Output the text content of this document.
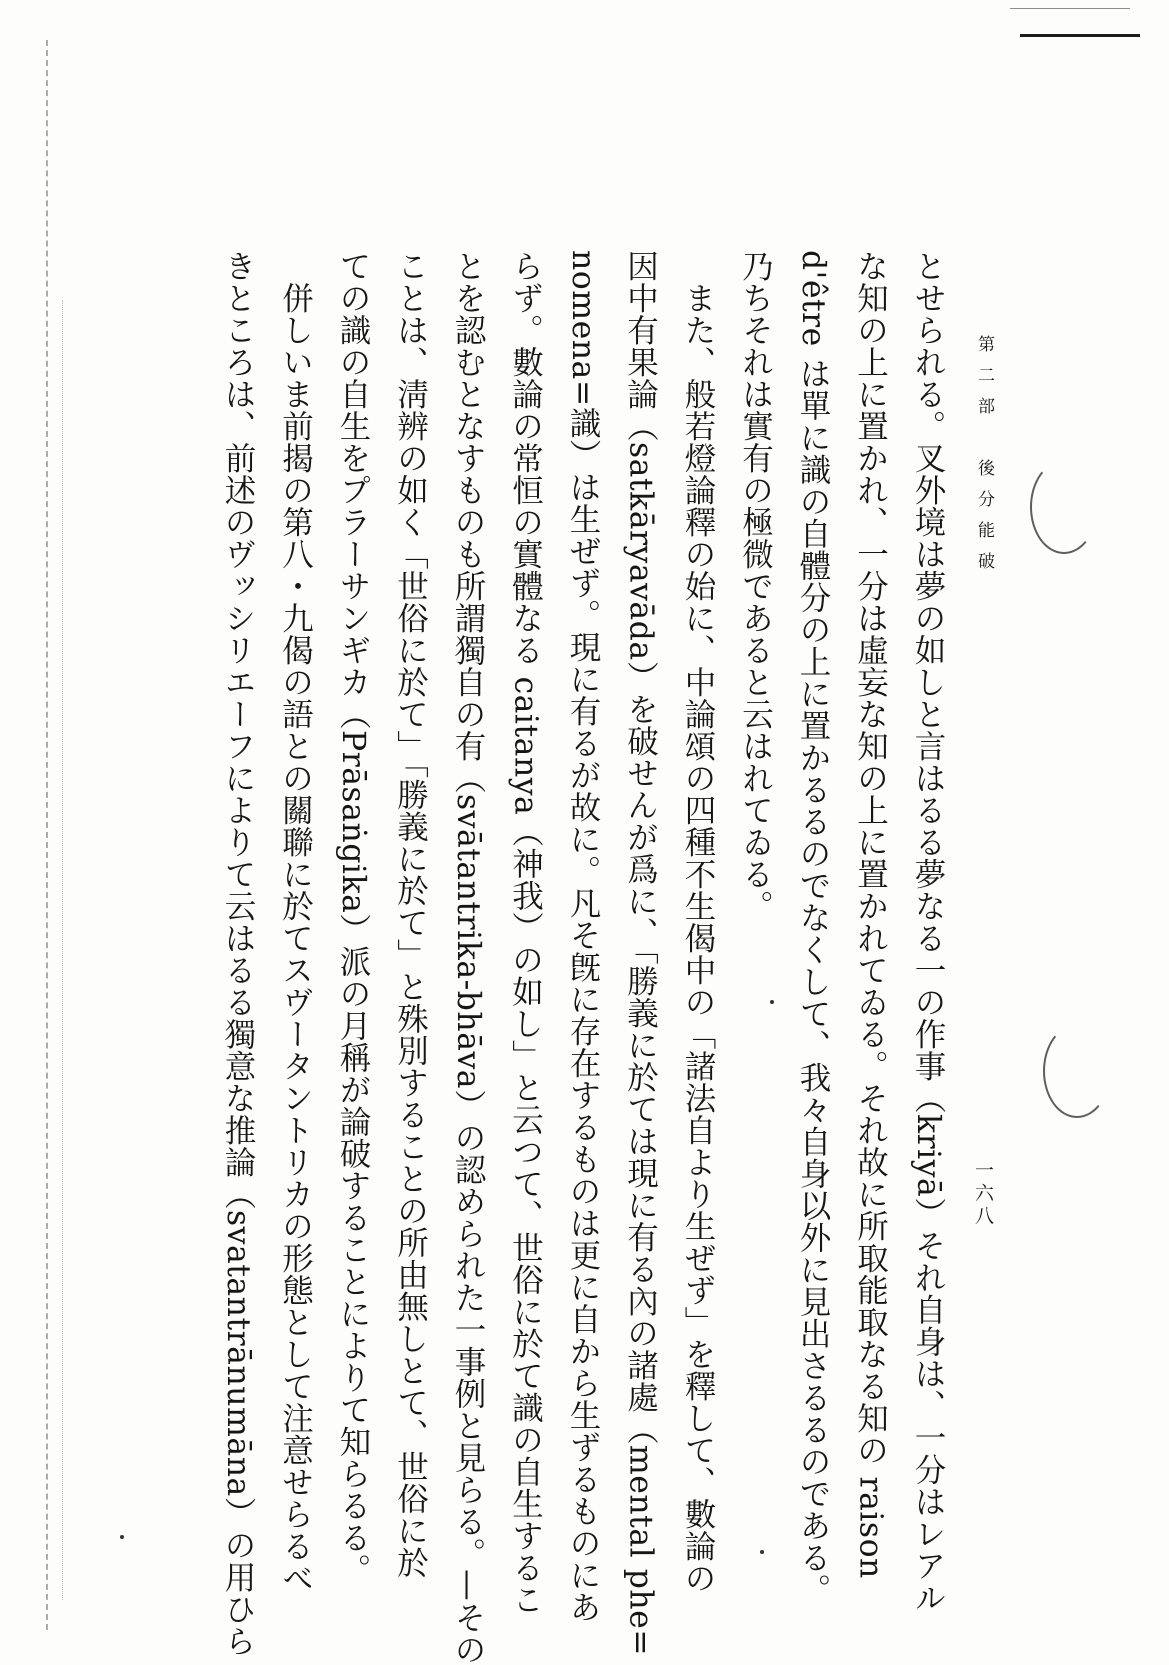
第二部　後分能破
一六八

とせられる。叉外境は夢の如しと言はるる夢なる一の作事（kriyā）それ自身は、一分はレアル

な知の上に置かれ、一分は虛妄な知の上に置かれてゐる。それ故に所取能取なる知の raison

d'être は單に識の自體分の上に置かるるのでなくして、我々自身以外に見出さるるのである。

乃ちそれは實有の極微であると云はれてゐる。

　また、般若燈論釋の始に、中論頌の四種不生偈中の「諸法自より生ぜず」を釋して、數論の

因中有果論（satkāryavāda）を破せんが爲に、「勝義に於ては現に有る內の諸處（mental phe=

nomena=識）は生ぜず。現に有るが故に。凡そ旣に存在するものは更に自から生ずるものにあ

らず。數論の常恒の實體なる caitanya（神我）の如し」と云つて、世俗に於て識の自生するこ

とを認むとなすものも所謂獨自の有（svātantrika-bhāva）の認められた一事例と見らる。—その

ことは、淸辨の如く「世俗に於て」「勝義に於て」と殊別することの所由無しとて、世俗に於

ての識の自生をプラーサンギカ（Prāsaṅgika）派の月稱が論破することによりて知らるる。

　併しいま前揭の第八・九偈の語との關聯に於てスヴータントリカの形態として注意せらるべ

きところは、前述のヴッシリエーフによりて云はるる獨意な推論（svatantrānumāna）の用ひら
